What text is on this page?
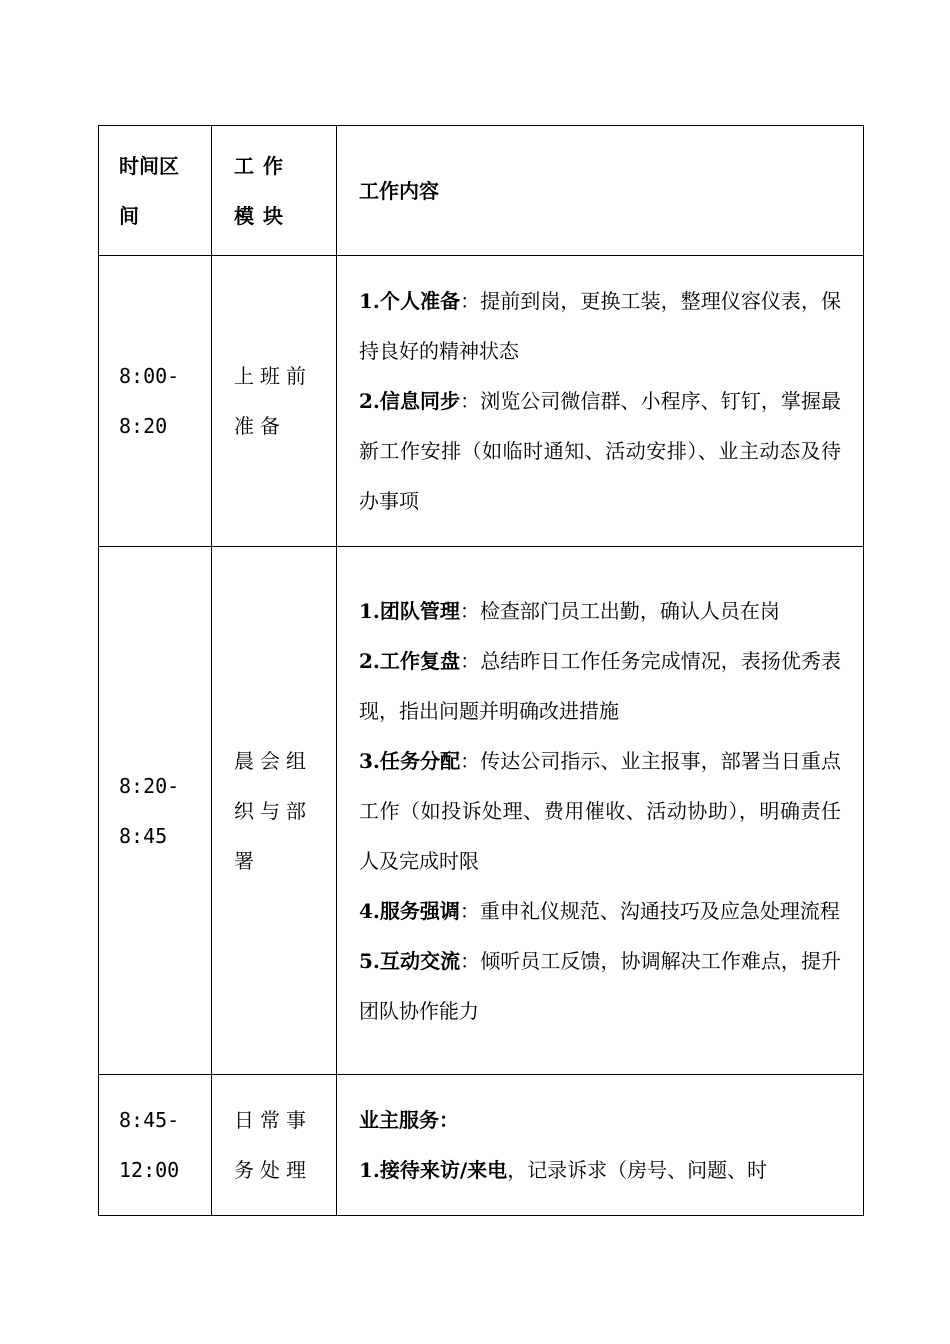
时间区间	工作模块	工作内容
8:00-8:20	上班前准备	1.个人准备：提前到岗，更换工装，整理仪容仪表，保持良好的精神状态
2.信息同步：浏览公司微信群、小程序、钉钉，掌握最新工作安排（如临时通知、活动安排）、业主动态及待办事项

8:20-8:45	晨会组织与部署	1.团队管理：检查部门员工出勤，确认人员在岗
2.工作复盘：总结昨日工作任务完成情况，表扬优秀表现，指出问题并明确改进措施
3.任务分配：传达公司指示、业主报事，部署当日重点工作（如投诉处理、费用催收、活动协助），明确责任人及完成时限
4.服务强调：重申礼仪规范、沟通技巧及应急处理流程
5.互动交流：倾听员工反馈，协调解决工作难点，提升团队协作能力

8:45-12:00	日常事务处理	业主服务：
1.接待来访/来电，记录诉求（房号、问题、时
